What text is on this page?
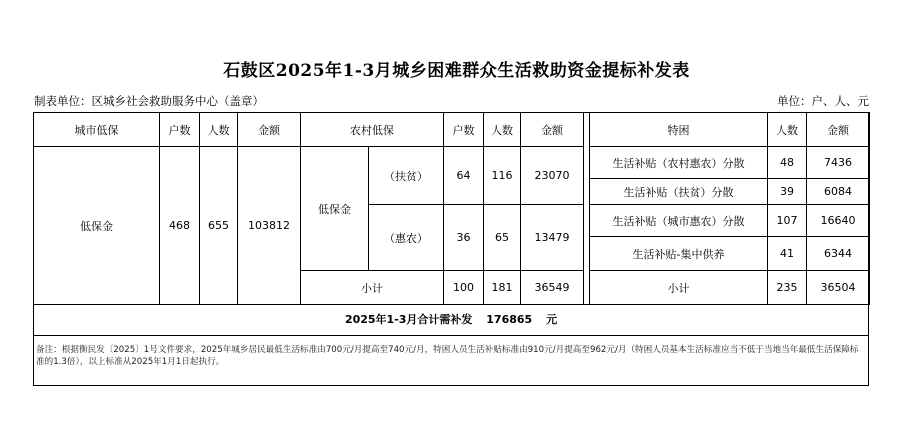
石鼓区2025年1-3月城乡困难群众生活救助资金提标补发表
制表单位：区城乡社会救助服务中心（盖章）	单位：户、人、元
城市低保	户数	人数	金额
低保金	468	655	103812
农村低保		户数	人数	金额
低保金	（扶贫）	64	116	23070
	（惠农）	36	65	13479
小计		100	181	36549
特困	人数	金额
生活补贴（农村惠农）分散	48	7436
生活补贴（扶贫）分散	39	6084
生活补贴（城市惠农）分散	107	16640
生活补贴-集中供养	41	6344
小计	235	36504
2025年1-3月合计需补发 176865 元
备注：根据衡民发〔2025〕1号文件要求，2025年城乡居民最低生活标准由700元/月提高至740元/月，特困人员生活补贴标准由910元/月提高至962元/月（特困人员基本生活标准应当不低于当地当年最低生活保障标准的1.3倍），以上标准从2025年1月1日起执行。
